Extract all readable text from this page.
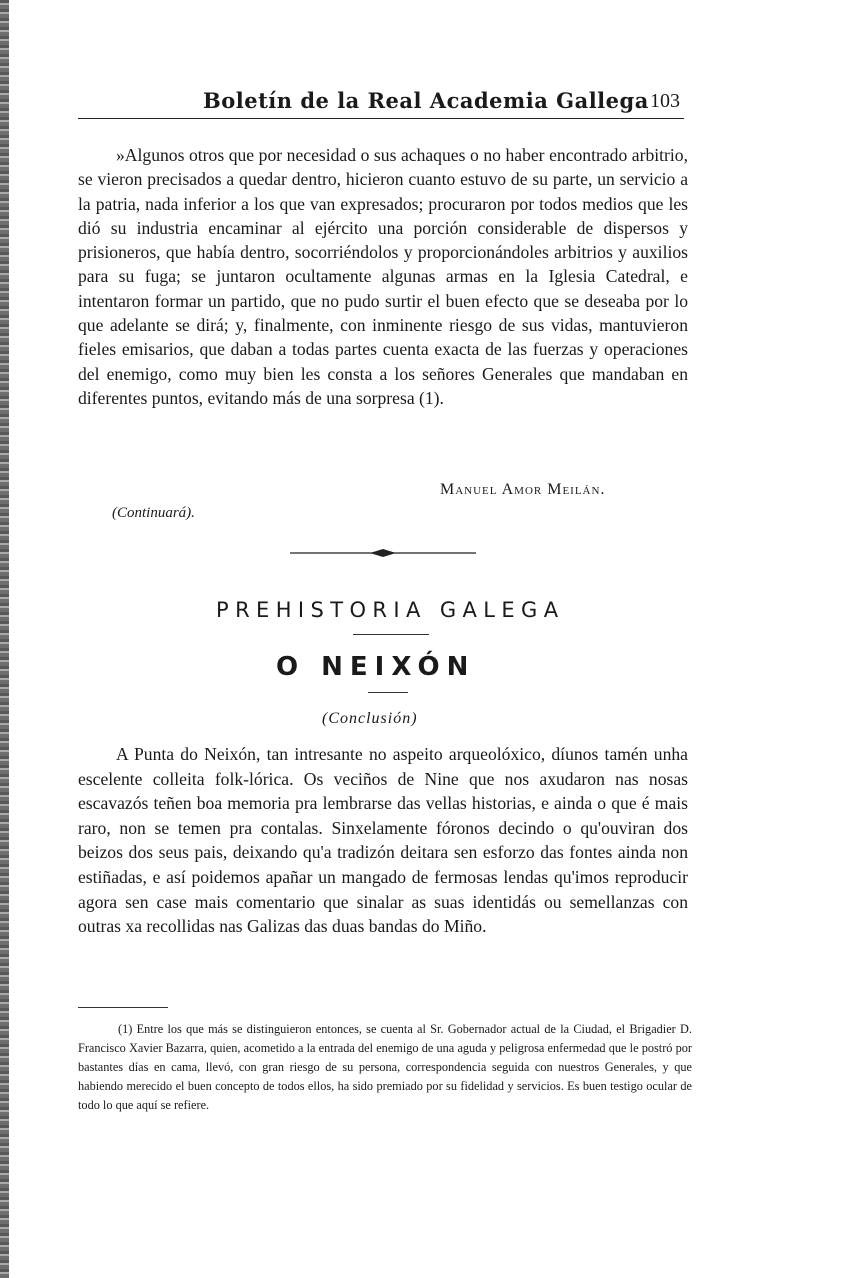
Boletín de la Real Academia Gallega 103

»Algunos otros que por necesidad o sus achaques o no haber encontrado arbitrio, se vieron precisados a quedar dentro, hicieron cuanto estuvo de su parte, un servicio a la patria, nada inferior a los que van expresados; procuraron por todos medios que les dió su industria encaminar al ejército una porción considerable de dispersos y prisioneros, que había dentro, socorriéndolos y proporcionándoles arbitrios y auxilios para su fuga; se juntaron ocultamente algunas armas en la Iglesia Catedral, e intentaron formar un partido, que no pudo surtir el buen efecto que se deseaba por lo que adelante se dirá; y, finalmente, con inminente riesgo de sus vidas, mantuvieron fieles emisarios, que daban a todas partes cuenta exacta de las fuerzas y operaciones del enemigo, como muy bien les consta a los señores Generales que mandaban en diferentes puntos, evitando más de una sorpresa (1).

Manuel Amor Meilán.
(Continuará).
PREHISTORIA GALEGA
O NEIXÓN
(Conclusión)

A Punta do Neixón, tan intresante no aspeito arqueolóxico, díunos tamén unha escelente colleita folk-lórica. Os veciños de Nine que nos axudaron nas nosas escavazós teñen boa memoria pra lembrarse das vellas historias, e ainda o que é mais raro, non se temen pra contalas. Sinxelamente fóronos decindo o qu'ouviran dos beizos dos seus pais, deixando qu'a tradizón deitara sen esforzo das fontes ainda non estiñadas, e así poidemos apañar un mangado de fermosas lendas qu'imos reproducir agora sen case mais comentario que sinalar as suas identidás ou semellanzas con outras xa recollidas nas Galizas das duas bandas do Miño.

(1) Entre los que más se distinguieron entonces, se cuenta al Sr. Gobernador actual de la Ciudad, el Brigadier D. Francisco Xavier Bazarra, quien, acometido a la entrada del enemigo de una aguda y peligrosa enfermedad que le postró por bastantes días en cama, llevó, con gran riesgo de su persona, correspondencia seguida con nuestros Generales, y que habiendo merecido el buen concepto de todos ellos, ha sido premiado por su fidelidad y servicios. Es buen testigo ocular de todo lo que aquí se refiere.
